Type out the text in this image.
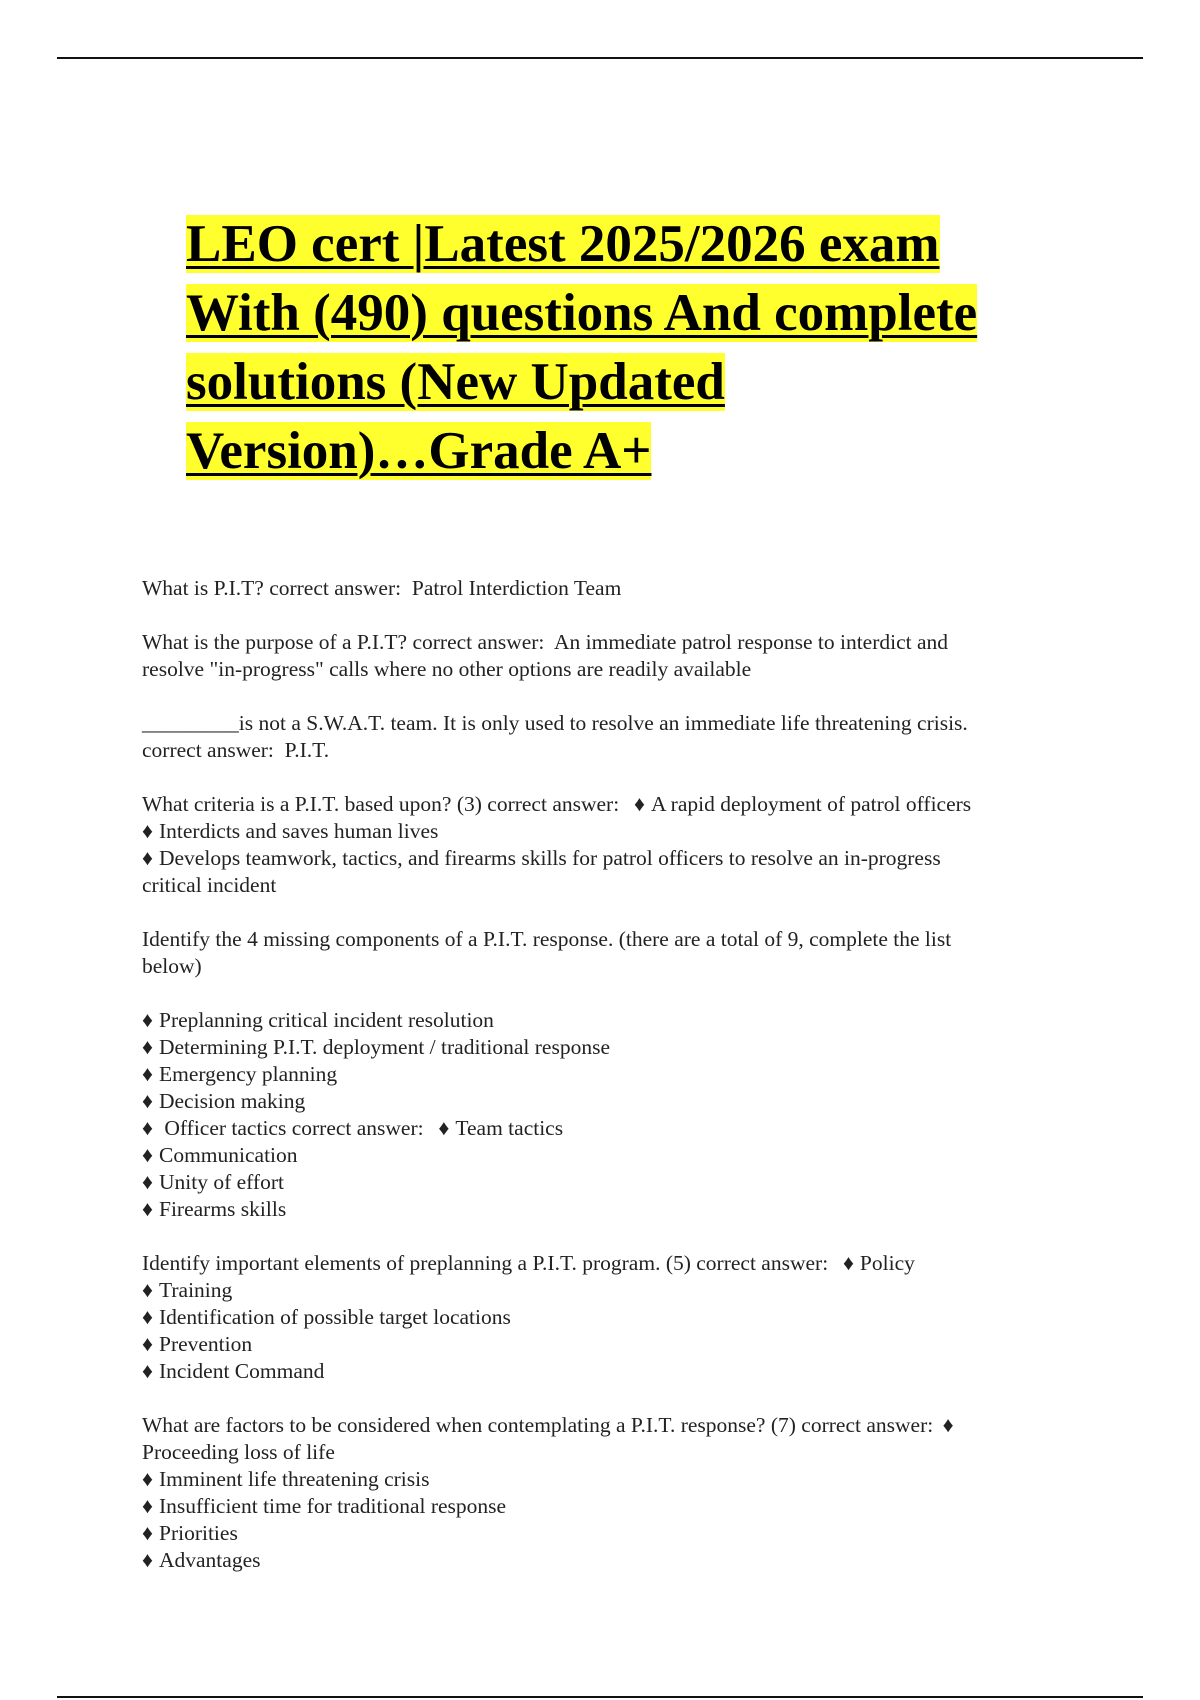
LEO cert |Latest 2025/2026 exam
With (490) questions And complete
solutions (New Updated
Version)…Grade A+
What is P.I.T? correct answer: Patrol Interdiction Team
What is the purpose of a P.I.T? correct answer: An immediate patrol response to interdict and
resolve "in-progress" calls where no other options are readily available
_________is not a S.W.A.T. team. It is only used to resolve an immediate life threatening crisis.
correct answer: P.I.T.
What criteria is a P.I.T. based upon? (3) correct answer: ♦ A rapid deployment of patrol officers
♦ Interdicts and saves human lives
♦ Develops teamwork, tactics, and firearms skills for patrol officers to resolve an in-progress
critical incident
Identify the 4 missing components of a P.I.T. response. (there are a total of 9, complete the list
below)
♦ Preplanning critical incident resolution
♦ Determining P.I.T. deployment / traditional response
♦ Emergency planning
♦ Decision making
♦ Officer tactics correct answer: ♦ Team tactics
♦ Communication
♦ Unity of effort
♦ Firearms skills
Identify important elements of preplanning a P.I.T. program. (5) correct answer: ♦ Policy
♦ Training
♦ Identification of possible target locations
♦ Prevention
♦ Incident Command
What are factors to be considered when contemplating a P.I.T. response? (7) correct answer: ♦
Proceeding loss of life
♦ Imminent life threatening crisis
♦ Insufficient time for traditional response
♦ Priorities
♦ Advantages
